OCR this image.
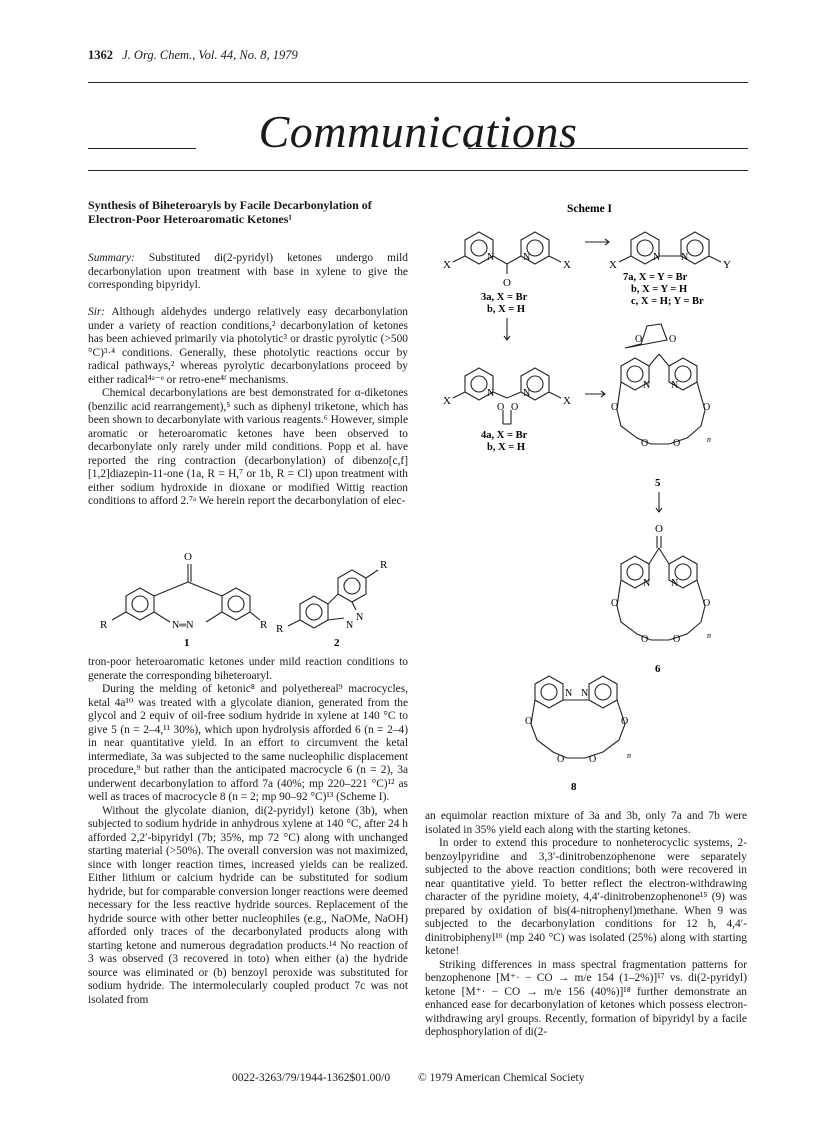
1362 J. Org. Chem., Vol. 44, No. 8, 1979
Communications
Synthesis of Biheteroaryls by Facile Decarbonylation of Electron-Poor Heteroaromatic Ketones¹

Summary: Substituted di(2-pyridyl) ketones undergo mild decarbonylation upon treatment with base in xylene to give the corresponding bipyridyl.

Sir: Although aldehydes undergo relatively easy decarbonylation under a variety of reaction conditions,² decarbonylation of ketones has been achieved primarily via photolytic³ or drastic pyrolytic (>500 °C)³·⁴ conditions. Generally, these photolytic reactions occur by radical pathways,² whereas pyrolytic decarbonylations proceed by either radical⁴ᵃ⁻ᵉ or retro-ene⁴ᶠ mechanisms.

Chemical decarbonylations are best demonstrated for α-diketones (benzilic acid rearrangement),⁵ such as diphenyl triketone, which has been shown to decarbonylate with various reagents.⁶ However, simple aromatic or heteroaromatic ketones have been observed to decarbonylate only rarely under mild conditions. Popp et al. have reported the ring contraction (decarbonylation) of dibenzo[c,f][1,2]diazepin-11-one (1a, R = H,⁷ or 1b, R = Cl) upon treatment with either sodium hydroxide in dioxane or modified Wittig reaction conditions to afford 2.⁷ᵃ We herein report the decarbonylation of elec-

O
N═N
R	R
1
R
R
N
N
2

tron-poor heteroaromatic ketones under mild reaction conditions to generate the corresponding biheteroaryl.

During the melding of ketonic⁸ and polyethereal⁹ macrocycles, ketal 4a¹⁰ was treated with a glycolate dianion, generated from the glycol and 2 equiv of oil-free sodium hydride in xylene at 140 °C to give 5 (n = 2–4,¹¹ 30%), which upon hydrolysis afforded 6 (n = 2–4) in near quantitative yield. In an effort to circumvent the ketal intermediate, 3a was subjected to the same nucleophilic displacement procedure,⁹ but rather than the anticipated macrocycle 6 (n = 2), 3a underwent decarbonylation to afford 7a (40%; mp 220–221 °C)¹² as well as traces of macrocycle 8 (n = 2; mp 90–92 °C)¹³ (Scheme I).

Without the glycolate dianion, di(2-pyridyl) ketone (3b), when subjected to sodium hydride in anhydrous xylene at 140 °C, after 24 h afforded 2,2′-bipyridyl (7b; 35%, mp 72 °C) along with unchanged starting material (>50%). The overall conversion was not maximized, since with longer reaction times, increased yields can be realized. Either lithium or calcium hydride can be substituted for sodium hydride, but for comparable conversion longer reactions were deemed necessary for the less reactive hydride sources. Replacement of the hydride source with other better nucleophiles (e.g., NaOMe, NaOH) afforded only traces of the decarbonylated products along with starting ketone and numerous degradation products.¹⁴ No reaction of 3 was observed (3 recovered in toto) when either (a) the hydride source was eliminated or (b) benzoyl peroxide was substituted for sodium hydride. The intermolecularly coupled product 7c was not isolated from

Scheme I
X
N	N
X
O
3a, X = Br
b, X = H
X
N N
Y
7a, X = Y = Br
b, X = Y = H
c, X = H; Y = Br
X
N	N
X
O O
4a, X = Br
b, X = H
O	O
N N
O	O
O O	n
5
O
N N
O	O
O O	n
6
N N
O	O
O O	n
8

an equimolar reaction mixture of 3a and 3b, only 7a and 7b were isolated in 35% yield each along with the starting ketones.

In order to extend this procedure to nonheterocyclic systems, 2-benzoylpyridine and 3,3′-dinitrobenzophenone were separately subjected to the above reaction conditions; both were recovered in near quantitative yield. To better reflect the electron-withdrawing character of the pyridine moiety, 4,4′-dinitrobenzophenone¹⁵ (9) was prepared by oxidation of bis(4-nitrophenyl)methane. When 9 was subjected to the decarbonylation conditions for 12 h, 4,4′-dinitrobiphenyl¹⁶ (mp 240 °C) was isolated (25%) along with starting ketone!

Striking differences in mass spectral fragmentation patterns for benzophenone [M⁺· − CO → m/e 154 (1–2%)]¹⁷ vs. di(2-pyridyl) ketone [M⁺· − CO → m/e 156 (40%)]¹⁸ further demonstrate an enhanced ease for decarbonylation of ketones which possess electron-withdrawing aryl groups. Recently, formation of bipyridyl by a facile dephosphorylation of di(2-

0022-3263/79/1944-1362$01.00/0 © 1979 American Chemical Society
